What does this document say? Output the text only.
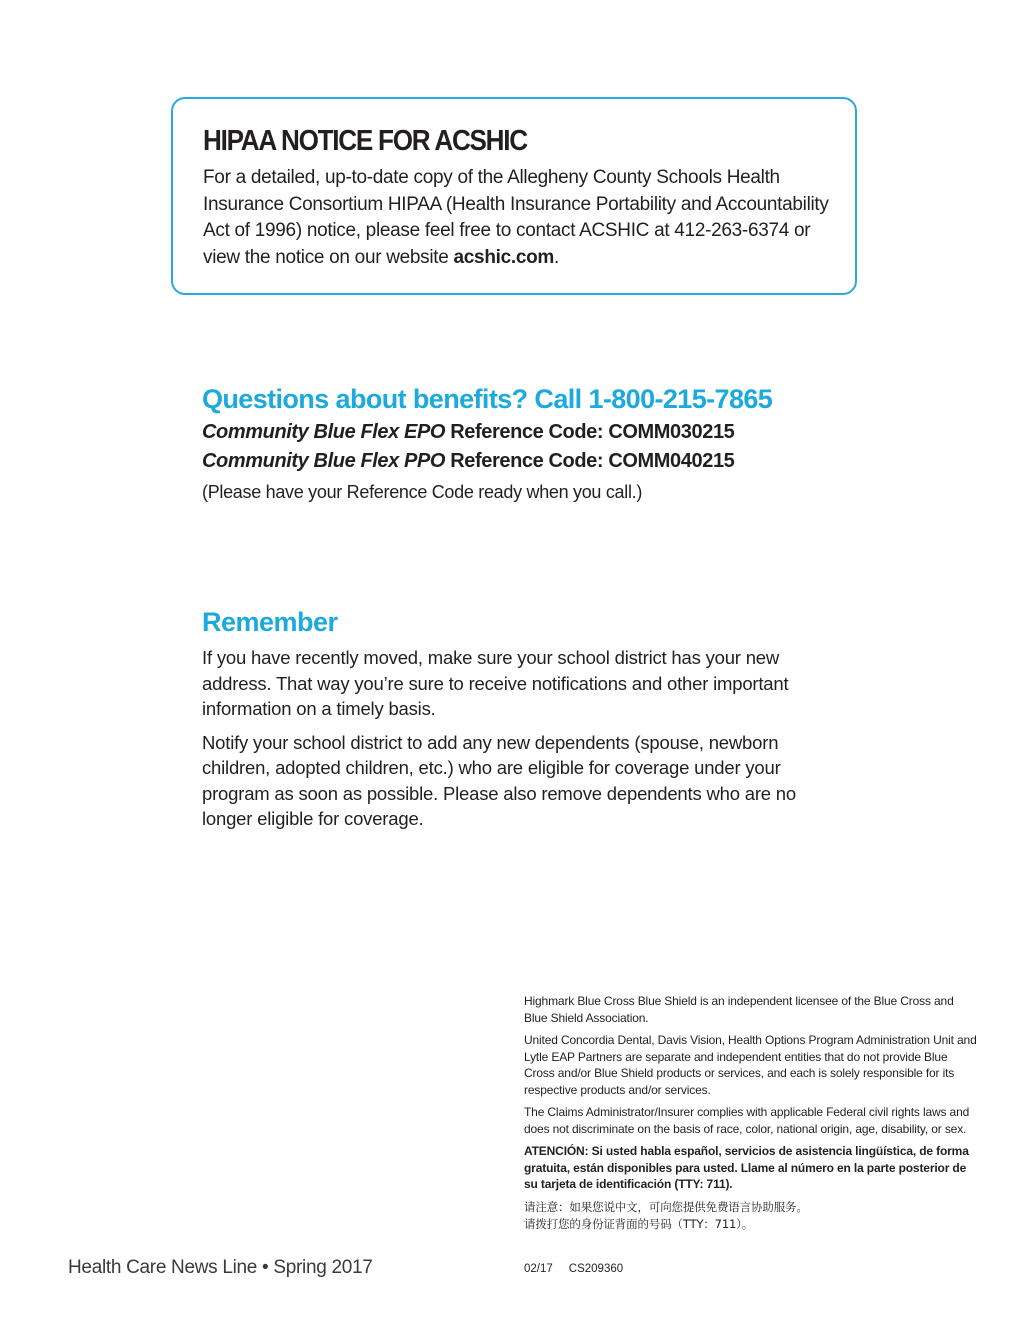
HIPAA NOTICE FOR ACSHIC

For a detailed, up-to-date copy of the Allegheny County Schools Health Insurance Consortium HIPAA (Health Insurance Portability and Accountability Act of 1996) notice, please feel free to contact ACSHIC at 412-263-6374 or view the notice on our website acshic.com.

Questions about benefits? Call 1-800-215-7865

Community Blue Flex EPO Reference Code: COMM030215

Community Blue Flex PPO Reference Code: COMM040215

(Please have your Reference Code ready when you call.)

Remember

If you have recently moved, make sure your school district has your new address. That way you’re sure to receive notifications and other important information on a timely basis.

Notify your school district to add any new dependents (spouse, newborn children, adopted children, etc.) who are eligible for coverage under your program as soon as possible. Please also remove dependents who are no longer eligible for coverage.

Highmark Blue Cross Blue Shield is an independent licensee of the Blue Cross and Blue Shield Association.

United Concordia Dental, Davis Vision, Health Options Program Administration Unit and Lytle EAP Partners are separate and independent entities that do not provide Blue Cross and/or Blue Shield products or services, and each is solely responsible for its respective products and/or services.

The Claims Administrator/Insurer complies with applicable Federal civil rights laws and does not discriminate on the basis of race, color, national origin, age, disability, or sex.

ATENCIÓN: Si usted habla español, servicios de asistencia lingüística, de forma gratuita, están disponibles para usted. Llame al número en la parte posterior de su tarjeta de identificación (TTY: 711).

请注意：如果您说中文，可向您提供免费语言协助服务。
请拨打您的身份证背面的号码（TTY：711）。

Health Care News Line • Spring 2017	02/17 CS209360
